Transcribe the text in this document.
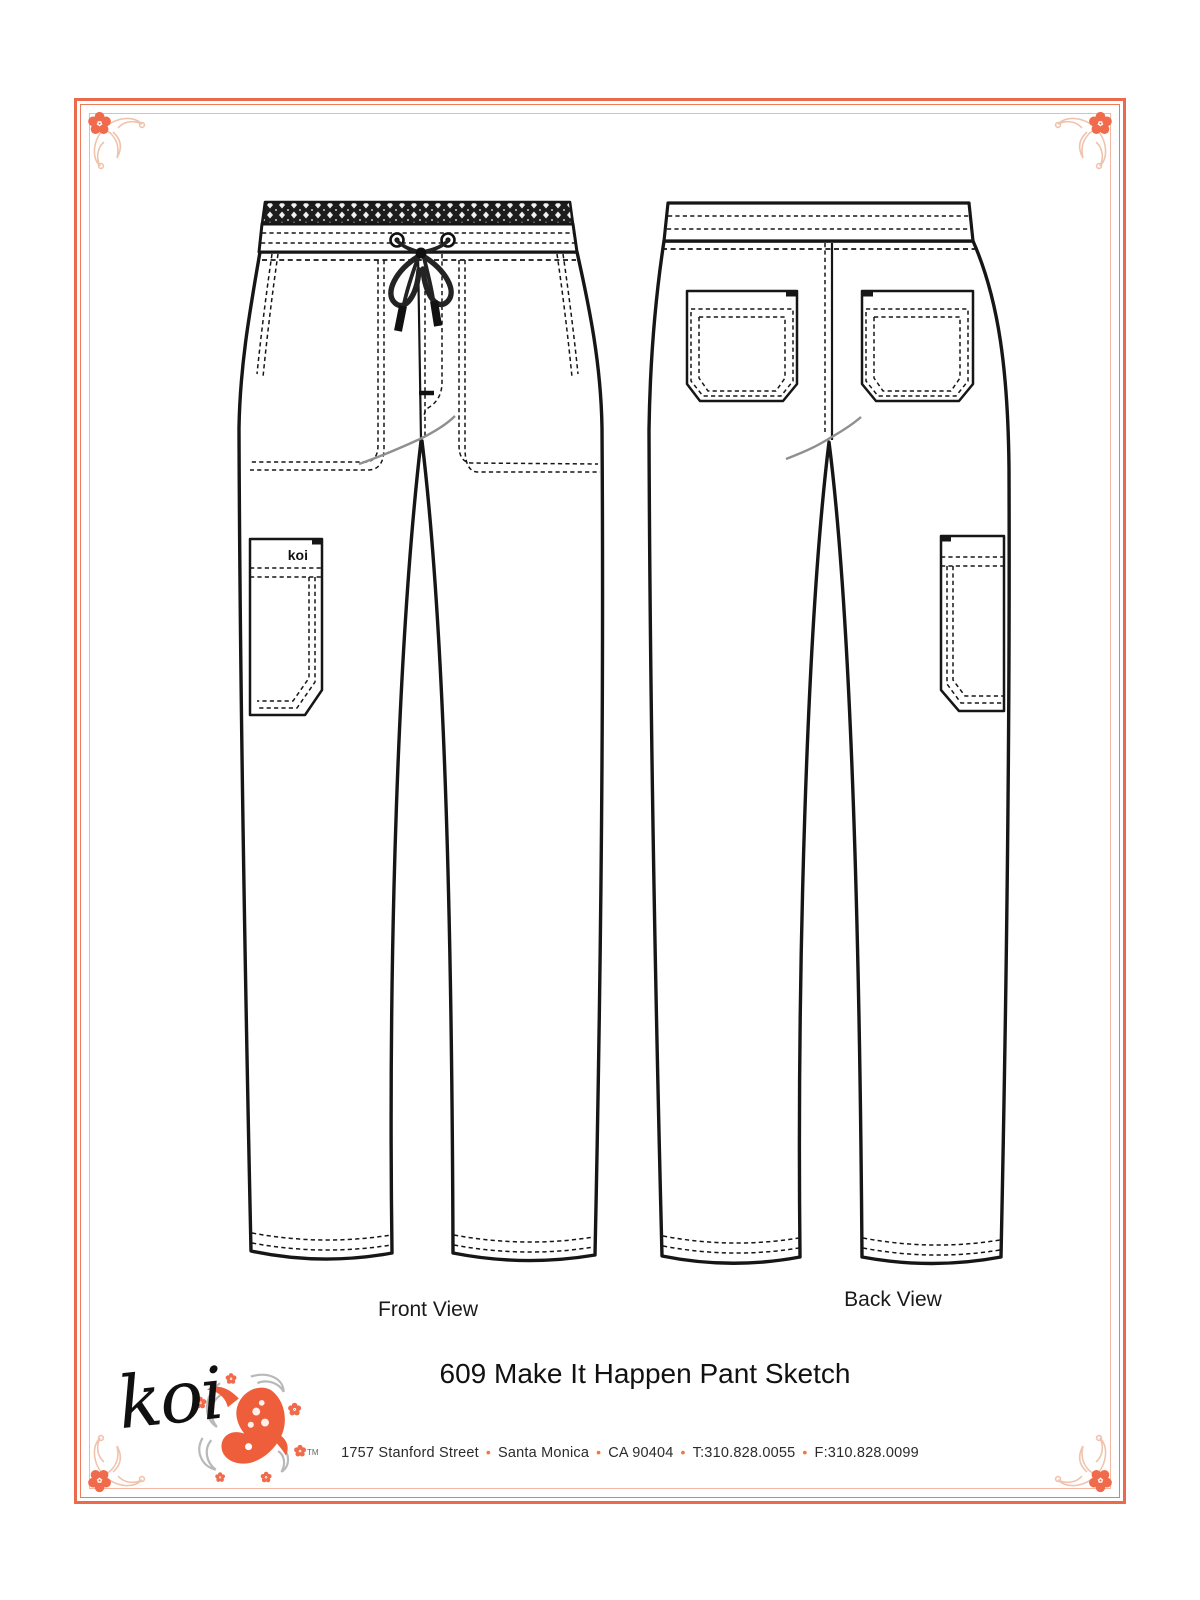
koi
Front View	Back View
609 Make It Happen Pant Sketch
koi
TM 1757 Stanford Street • Santa Monica • CA 90404 • T:310.828.0055 • F:310.828.0099
